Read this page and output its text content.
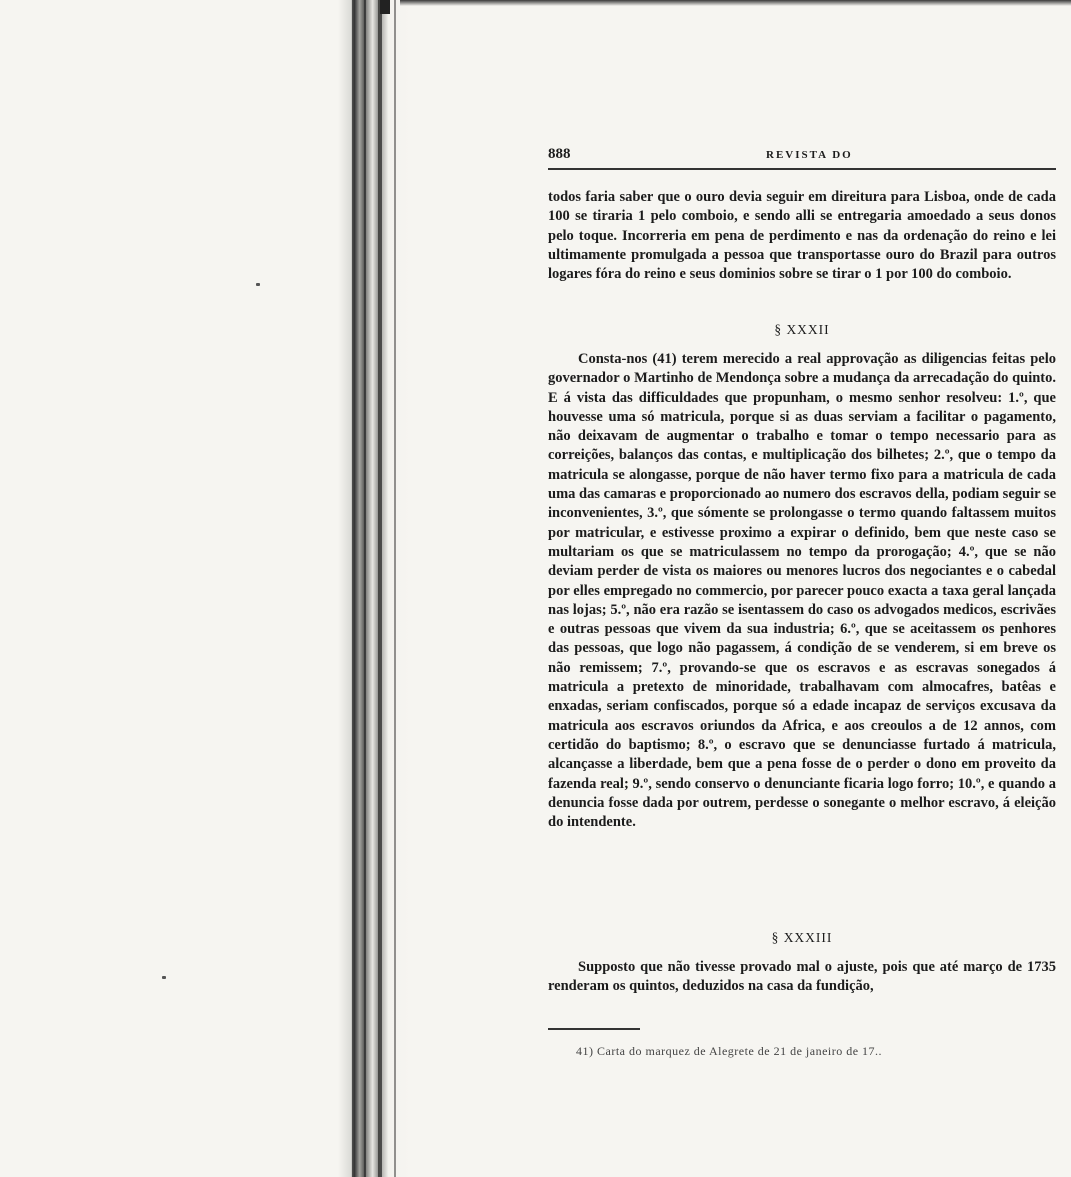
888	REVISTA DO

todos faria saber que o ouro devia seguir em direitura para Lisboa, onde de cada 100 se tiraria 1 pelo comboio, e sendo alli se entregaria amoedado a seus donos pelo toque. Incorreria em pena de perdimento e nas da ordenação do reino e lei ultimamente promulgada a pessoa que transportasse ouro do Brazil para outros logares fóra do reino e seus dominios sobre se tirar o 1 por 100 do comboio.

§ XXXII

Consta-nos (41) terem merecido a real approvação as diligencias feitas pelo governador o Martinho de Mendonça sobre a mudança da arrecadação do quinto. E á vista das difficuldades que propunham, o mesmo senhor resolveu: 1.º, que houvesse uma só matricula, porque si as duas serviam a facilitar o pagamento, não deixavam de augmentar o trabalho e tomar o tempo necessario para as correições, balanços das contas, e multiplicação dos bilhetes; 2.º, que o tempo da matricula se alongasse, porque de não haver termo fixo para a matricula de cada uma das camaras e proporcionado ao numero dos escravos della, podiam seguir se inconvenientes, 3.º, que sómente se prolongasse o termo quando faltassem muitos por matricular, e estivesse proximo a expirar o definido, bem que neste caso se multariam os que se matriculassem no tempo da prorogação; 4.º, que se não deviam perder de vista os maiores ou menores lucros dos negociantes e o cabedal por elles empregado no commercio, por parecer pouco exacta a taxa geral lançada nas lojas; 5.º, não era razão se isentassem do caso os advogados medicos, escrivães e outras pessoas que vivem da sua industria; 6.º, que se aceitassem os penhores das pessoas, que logo não pagassem, á condição de se venderem, si em breve os não remissem; 7.º, provando-se que os escravos e as escravas sonegados á matricula a pretexto de minoridade, trabalhavam com almocafres, batêas e enxadas, seriam confiscados, porque só a edade incapaz de serviços excusava da matricula aos escravos oriundos da Africa, e aos creoulos a de 12 annos, com certidão do baptismo; 8.º, o escravo que se denunciasse furtado á matricula, alcançasse a liberdade, bem que a pena fosse de o perder o dono em proveito da fazenda real; 9.º, sendo conservo o denunciante ficaria logo forro; 10.º, e quando a denuncia fosse dada por outrem, perdesse o sonegante o melhor escravo, á eleição do intendente.

§ XXXIII

Supposto que não tivesse provado mal o ajuste, pois que até março de 1735 renderam os quintos, deduzidos na casa da fundição,

41) Carta do marquez de Alegrete de 21 de janeiro de 17..
